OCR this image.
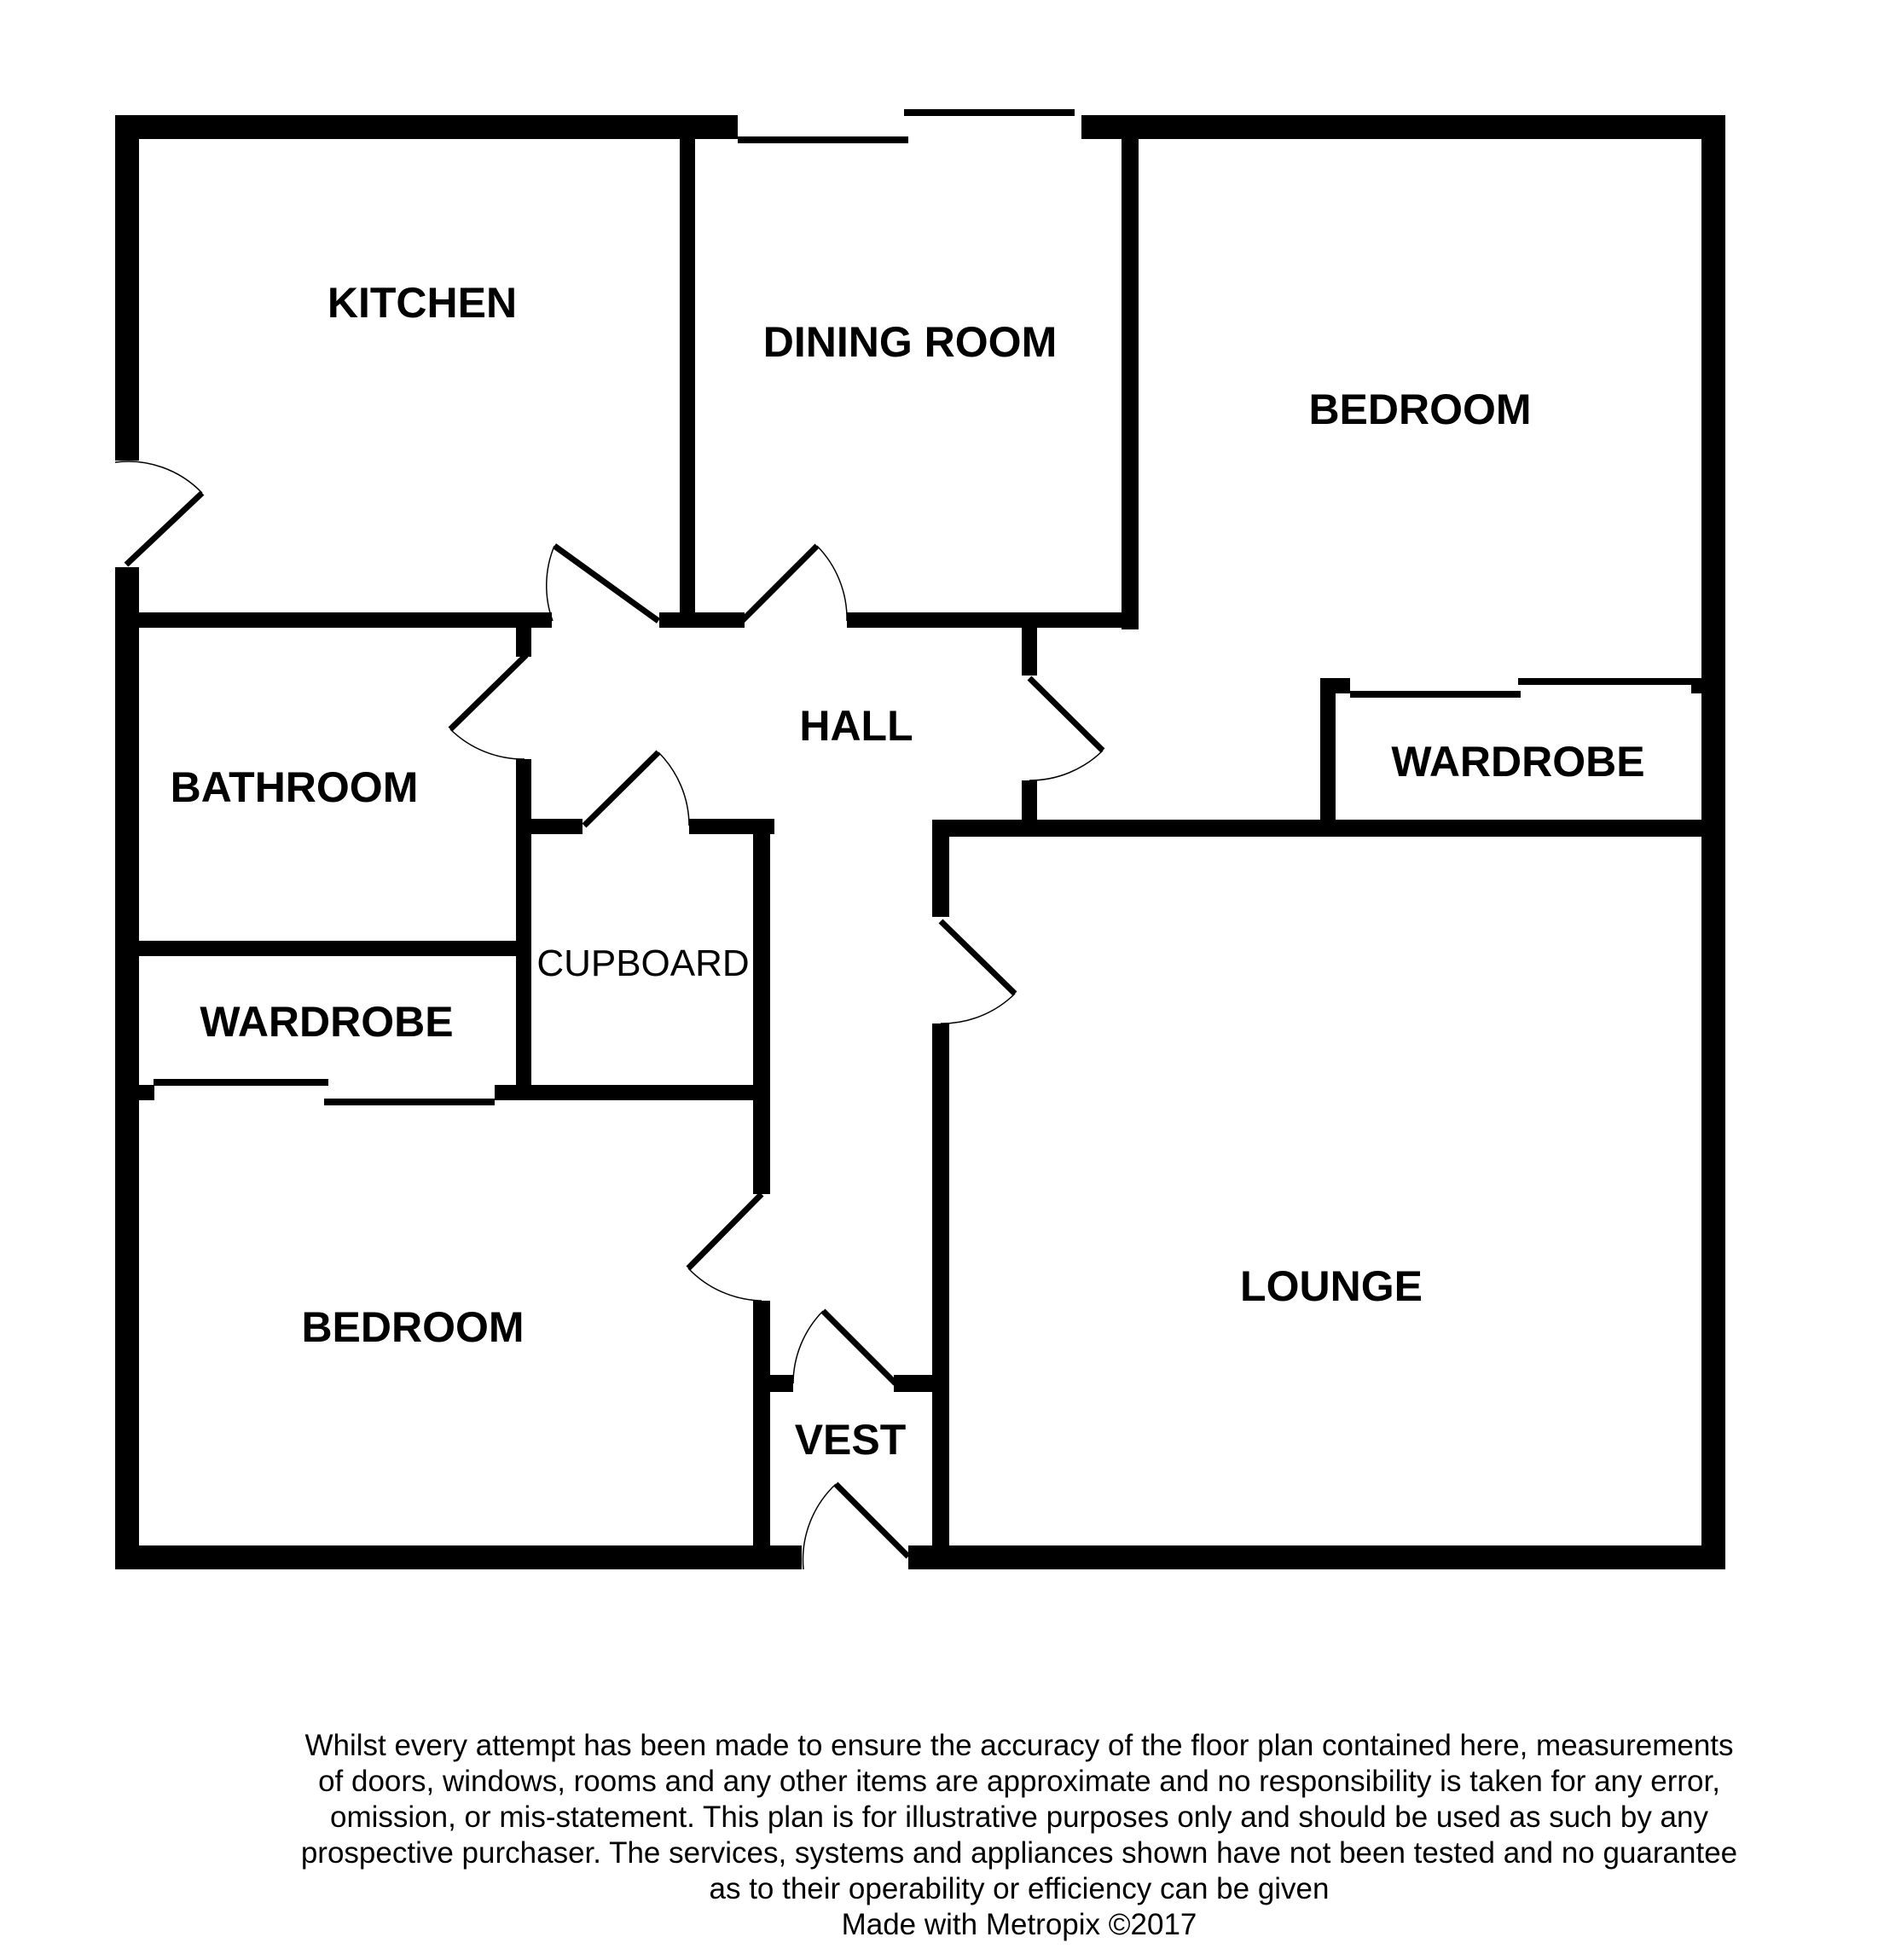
KITCHEN
DINING ROOM
BEDROOM
HALL
BATHROOM
WARDROBE
CUPBOARD
WARDROBE
BEDROOM
LOUNGE
VEST
Whilst every attempt has been made to ensure the accuracy of the floor plan contained here, measurements
of doors, windows, rooms and any other items are approximate and no responsibility is taken for any error,
omission, or mis-statement. This plan is for illustrative purposes only and should be used as such by any
prospective purchaser. The services, systems and appliances shown have not been tested and no guarantee
as to their operability or efficiency can be given
Made with Metropix ©2017
